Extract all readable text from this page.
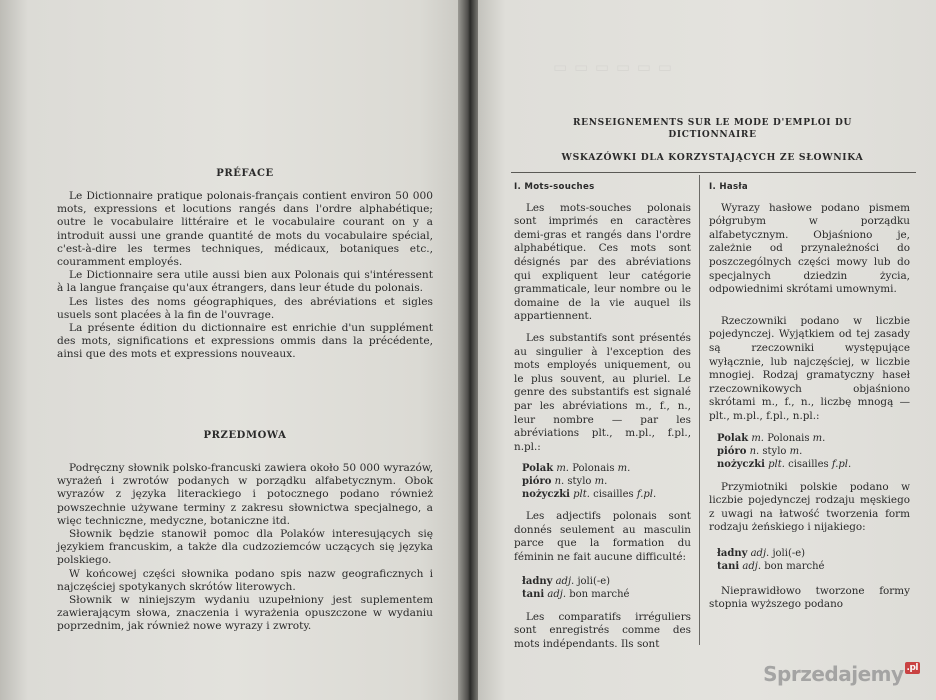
PRÉFACE

Le Dictionnaire pratique polonais-français contient environ 50 000 mots, expressions et locutions rangés dans l'ordre alphabétique; outre le vocabulaire littéraire et le vocabulaire courant on y a introduit aussi une grande quantité de mots du vocabulaire spécial, c'est-à-dire les termes techniques, médicaux, botaniques etc., couramment employés.

Le Dictionnaire sera utile aussi bien aux Polonais qui s'intéressent à la langue française qu'aux étrangers, dans leur étude du polonais.

Les listes des noms géographiques, des abréviations et sigles usuels sont placées à la fin de l'ouvrage.

La présente édition du dictionnaire est enrichie d'un supplément des mots, significations et expressions ommis dans la précédente, ainsi que des mots et expressions nouveaux.

PRZEDMOWA

Podręczny słownik polsko-francuski zawiera około 50 000 wyrazów, wyrażeń i zwrotów podanych w porządku alfabetycznym. Obok wyrazów z języka literackiego i potocznego podano również powszechnie używane terminy z zakresu słownictwa specjalnego, a więc techniczne, medyczne, botaniczne itd.

Słownik będzie stanowił pomoc dla Polaków interesujących się językiem francuskim, a także dla cudzoziemców uczących się języka polskiego.

W końcowej części słownika podano spis nazw geograficznych i najczęściej spotykanych skrótów literowych.

Słownik w niniejszym wydaniu uzupełniony jest suplementem zawierającym słowa, znaczenia i wyrażenia opuszczone w wydaniu poprzednim, jak również nowe wyrazy i zwroty.

▭ ▭ ▭ ▭ ▭ ▭
RENSEIGNEMENTS SUR LE MODE D'EMPLOI DU DICTIONNAIRE
WSKAZÓWKI DLA KORZYSTAJĄCYCH ZE SŁOWNIKA
I. Mots-souches

Les mots-souches polonais sont imprimés en caractères demi-gras et rangés dans l'ordre alphabétique. Ces mots sont désignés par des abréviations qui expliquent leur catégorie grammaticale, leur nombre ou le domaine de la vie auquel ils appartiennent.

Les substantifs sont présentés au singulier à l'exception des mots employés uniquement, ou le plus souvent, au pluriel. Le genre des substantifs est signalé par les abréviations m., f., n., leur nombre — par les abréviations plt., m.pl., f.pl., n.pl.:

Polak m. Polonais m.
pióro n. stylo m.
nożyczki plt. cisailles f.pl.

Les adjectifs polonais sont donnés seulement au masculin parce que la formation du féminin ne fait aucune difficulté:

ładny adj. joli(-e)
tani adj. bon marché

Les comparatifs irréguliers sont enregistrés comme des mots indépendants. Ils sont

I. Hasła

Wyrazy hasłowe podano pismem półgrubym w porządku alfabetycznym. Objaśniono je, zależnie od przynależności do poszczególnych części mowy lub do specjalnych dziedzin życia, odpowiednimi skrótami umownymi.

Rzeczowniki podano w liczbie pojedynczej. Wyjątkiem od tej zasady są rzeczowniki występujące wyłącznie, lub najczęściej, w liczbie mnogiej. Rodzaj gramatyczny haseł rzeczownikowych objaśniono skrótami m., f., n., liczbę mnogą — plt., m.pl., f.pl., n.pl.:

Polak m. Polonais m.
pióro n. stylo m.
nożyczki plt. cisailles f.pl.

Przymiotniki polskie podano w liczbie pojedynczej rodzaju męskiego z uwagi na łatwość tworzenia form rodzaju żeńskiego i nijakiego:

ładny adj. joli(-e)
tani adj. bon marché

Nieprawidłowo tworzone formy stopnia wyższego podano

Sprzedajemy .pl
